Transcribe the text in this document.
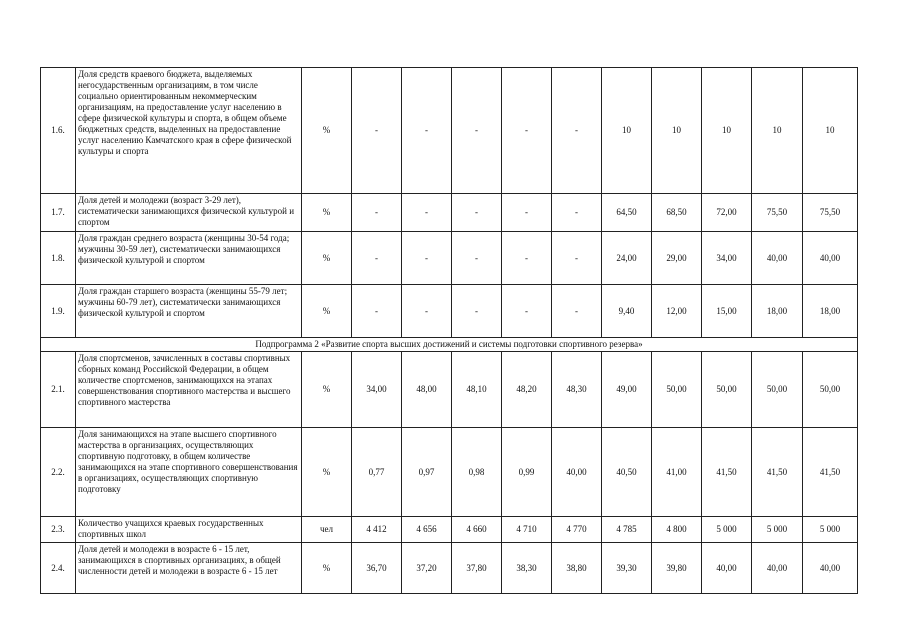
1.6.	Доля средств краевого бюджета, выделяемых негосударственным организациям, в том числе социально ориентированным некоммерческим организациям, на предоставление услуг населению в сфере физической культуры и спорта, в общем объеме бюджетных средств, выделенных на предоставление услуг населению Камчатского края в сфере физической культуры и спорта	%	-	-	-	-	-	10	10	10	10	10
1.7.	Доля детей и молодежи (возраст 3-29 лет), систематически занимающихся физической культурой и спортом	%	-	-	-	-	-	64,50	68,50	72,00	75,50	75,50
1.8.	Доля граждан среднего возраста (женщины 30-54 года; мужчины 30-59 лет), систематически занимающихся физической культурой и спортом	%	-	-	-	-	-	24,00	29,00	34,00	40,00	40,00
1.9.	Доля граждан старшего возраста (женщины 55-79 лет; мужчины 60-79 лет), систематически занимающихся физической культурой и спортом	%	-	-	-	-	-	9,40	12,00	15,00	18,00	18,00
Подпрограмма 2 «Развитие спорта высших достижений и системы подготовки спортивного резерва»												
2.1.	Доля спортсменов, зачисленных в составы спортивных сборных команд Российской Федерации, в общем количестве спортсменов, занимающихся на этапах совершенствования спортивного мастерства и высшего спортивного мастерства	%	34,00	48,00	48,10	48,20	48,30	49,00	50,00	50,00	50,00	50,00
2.2.	Доля занимающихся на этапе высшего спортивного мастерства в организациях, осуществляющих спортивную подготовку, в общем количестве занимающихся на этапе спортивного совершенствования в организациях, осуществляющих спортивную подготовку	%	0,77	0,97	0,98	0,99	40,00	40,50	41,00	41,50	41,50	41,50
2.3.	Количество учащихся краевых государственных спортивных школ	чел	4 412	4 656	4 660	4 710	4 770	4 785	4 800	5 000	5 000	5 000
2.4.	Доля детей и молодежи в возрасте 6 - 15 лет, занимающихся в спортивных организациях, в общей численности детей и молодежи в возрасте 6 - 15 лет	%	36,70	37,20	37,80	38,30	38,80	39,30	39,80	40,00	40,00	40,00
